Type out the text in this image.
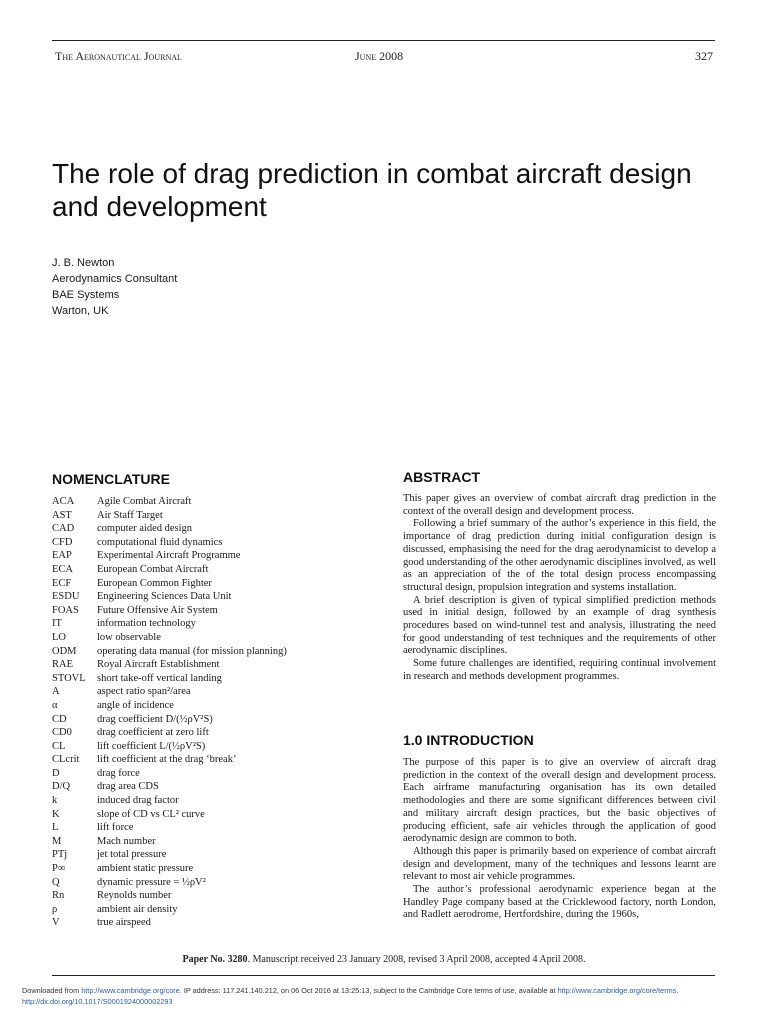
The Aeronautical Journal	June 2008	327
The role of drag prediction in combat aircraft design and development
J. B. Newton
Aerodynamics Consultant
BAE Systems
Warton, UK
NOMENCLATURE
ACA Agile Combat Aircraft
AST Air Staff Target
CAD computer aided design
CFD computational fluid dynamics
EAP Experimental Aircraft Programme
ECA European Combat Aircraft
ECF European Common Fighter
ESDU Engineering Sciences Data Unit
FOAS Future Offensive Air System
IT	information technology
LO	low observable
ODM operating data manual (for mission planning)
RAE Royal Aircraft Establishment
STOVL short take-off vertical landing
A	aspect ratio span²/area
α	angle of incidence
CD	drag coefficient D/(½ρV²S)
CD0 drag coefficient at zero lift
CL	lift coefficient L/(½ρV²S)
CLcrit lift coefficient at the drag ‘break’
D	drag force
D/Q	drag area CDS
k	induced drag factor
K	slope of CD vs CL² curve
L	lift force
M	Mach number
PTj	jet total pressure
P∞	ambient static pressure
Q	dynamic pressure = ½ρV²
Rn	Reynolds number
ρ	ambient air density
V	true airspeed
ABSTRACT

This paper gives an overview of combat aircraft drag prediction in the context of the overall design and development process.

Following a brief summary of the author’s experience in this field, the importance of drag prediction during initial configuration design is discussed, emphasising the need for the drag aerodynamicist to develop a good understanding of the other aerodynamic disciplines involved, as well as an appreciation of the of the total design process encompassing structural design, propulsion integration and systems installation.

A brief description is given of typical simplified prediction methods used in initial design, followed by an example of drag synthesis procedures based on wind-tunnel test and analysis, illustrating the need for good understanding of test techniques and the requirements of other aerodynamic disciplines.

Some future challenges are identified, requiring continual involvement in research and methods development programmes.

1.0 INTRODUCTION

The purpose of this paper is to give an overview of aircraft drag prediction in the context of the overall design and development process. Each airframe manufacturing organisation has its own detailed methodologies and there are some significant differences between civil and military aircraft design practices, but the basic objectives of producing efficient, safe air vehicles through the application of good aerodynamic design are common to both.

Although this paper is primarily based on experience of combat aircraft design and development, many of the techniques and lessons learnt are relevant to most air vehicle programmes.

The author’s professional aerodynamic experience began at the Handley Page company based at the Cricklewood factory, north London, and Radlett aerodrome, Hertfordshire, during the 1960s,

Paper No. 3280. Manuscript received 23 January 2008, revised 3 April 2008, accepted 4 April 2008.
Downloaded from http://www.cambridge.org/core. IP address: 117.241.140.212, on 06 Oct 2016 at 13:25:13, subject to the Cambridge Core terms of use, available at http://www.cambridge.org/core/terms.
http://dx.doi.org/10.1017/S0001924000002293
